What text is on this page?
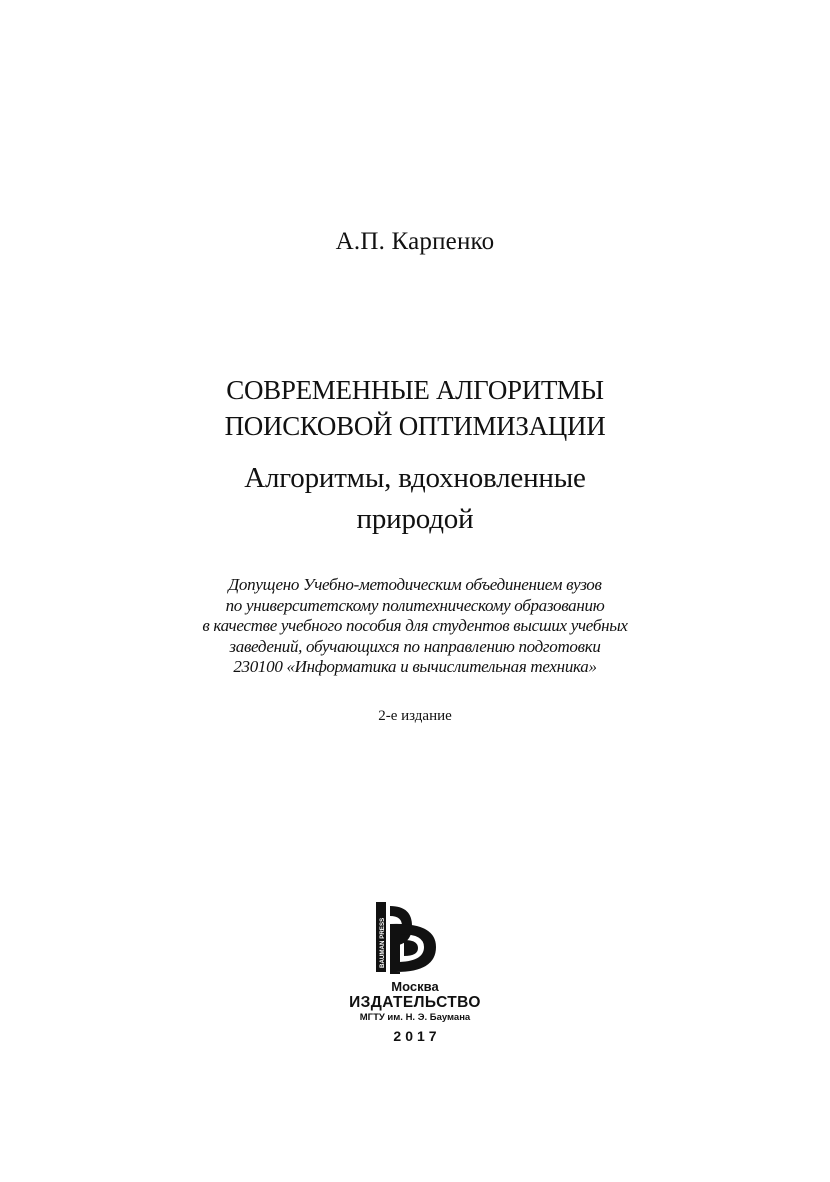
А.П. Карпенко
СОВРЕМЕННЫЕ АЛГОРИТМЫ
ПОИСКОВОЙ ОПТИМИЗАЦИИ
Алгоритмы, вдохновленные
природой
Допущено Учебно-методическим объединением вузов
по университетскому политехническому образованию
в качестве учебного пособия для студентов высших учебных
заведений, обучающихся по направлению подготовки
230100 «Информатика и вычислительная техника»
2-е издание
BAUMAN PRESS
Москва
ИЗДАТЕЛЬСТВО
МГТУ им. Н. Э. Баумана
2017
